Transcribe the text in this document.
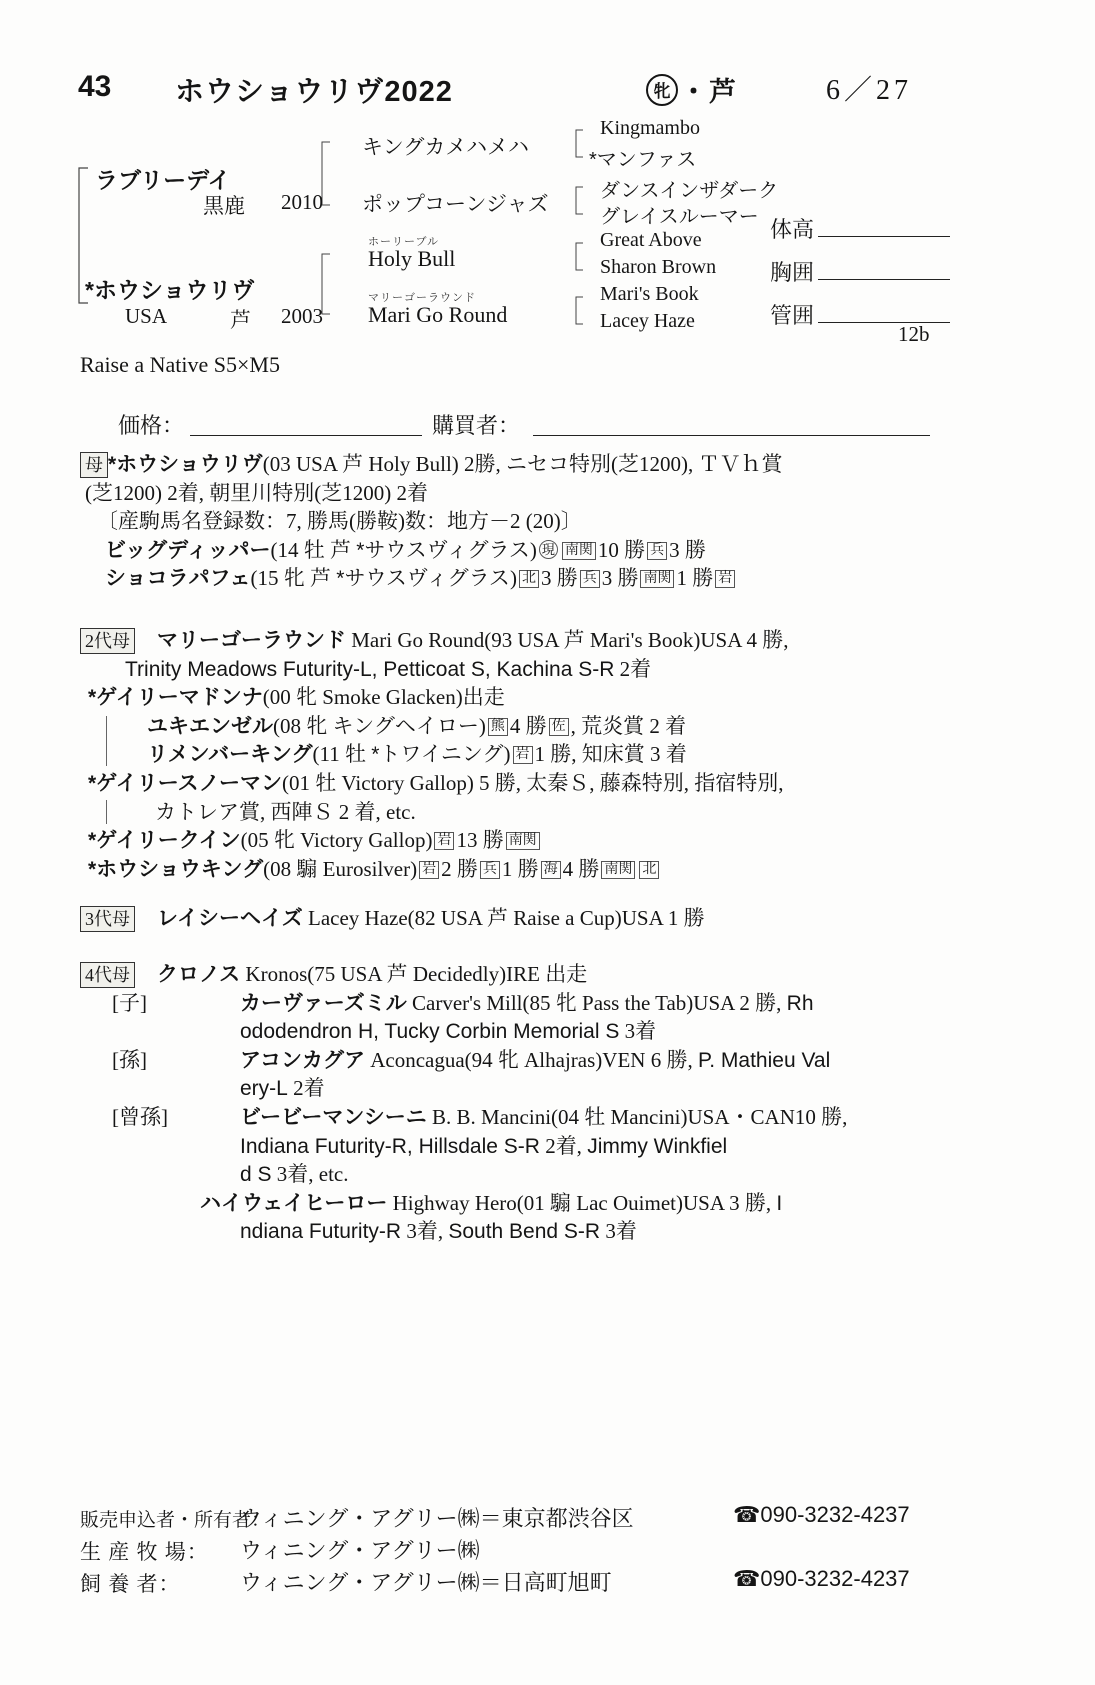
43 ホウショウリヴ2022	牝 ・ 芦	6／27
ラブリーデイ
黒鹿 2010
*ホウショウリヴ
USA	芦 2003
キングカメハメハ
ポップコーンジャズ
ホーリーブル
Holy Bull
マリーゴーラウンド
Mari Go Round
Kingmambo
*マンファス
ダンスインザダーク
グレイスルーマー
Great Above
Sharon Brown
Mari's Book
Lacey Haze
体高
胸囲
管囲
12b
Raise a Native S5×M5
価格：	購買者：
母 *ホウショウリヴ(03 USA 芦 Holy Bull) 2勝, ニセコ特別(芝1200), ＴＶｈ賞
(芝1200) 2着, 朝里川特別(芝1200) 2着
〔産駒馬名登録数：7, 勝馬(勝鞍)数：地方－2 (20)〕
ビッグディッパー(14 牡 芦 *サウスヴィグラス) 現 南関 10 勝 兵 3 勝
ショコラパフェ(15 牝 芦 *サウスヴィグラス) 北 3 勝 兵 3 勝 南関 1 勝 岩
2代母	マリーゴーラウンド Mari Go Round(93 USA 芦 Mari's Book)USA 4 勝,
Trinity Meadows Futurity-L, Petticoat S, Kachina S-R 2着
*ゲイリーマドンナ(00 牝 Smoke Glacken)出走
ユキエンゼル(08 牝 キングヘイロー) 熊 4 勝 佐 , 荒炎賞 2 着
リメンバーキング(11 牡 *トワイニング) 岩 1 勝, 知床賞 3 着
*ゲイリースノーマン(01 牡 Victory Gallop) 5 勝, 太秦Ｓ, 藤森特別, 指宿特別,
カトレア賞, 西陣Ｓ 2 着, etc.
*ゲイリークイン(05 牝 Victory Gallop) 岩 13 勝 南関
*ホウショウキング(08 騸 Eurosilver) 岩 2 勝 兵 1 勝 海 4 勝 南関 北
3代母	レイシーヘイズ Lacey Haze(82 USA 芦 Raise a Cup)USA 1 勝
4代母	クロノス Kronos(75 USA 芦 Decidedly)IRE 出走
[子]	カーヴァーズミル Carver's Mill(85 牝 Pass the Tab)USA 2 勝, Rh
ododendron H, Tucky Corbin Memorial S 3着
[孫]	アコンカグア Aconcagua(94 牝 Alhajras)VEN 6 勝, P. Mathieu Val
ery-L 2着
[曾孫]	ビービーマンシーニ B. B. Mancini(04 牡 Mancini)USA・CAN10 勝,
Indiana Futurity-R, Hillsdale S-R 2着, Jimmy Winkfiel
d S 3着, etc.
ハイウェイヒーロー Highway Hero(01 騸 Lac Ouimet)USA 3 勝, I
ndiana Futurity-R 3着, South Bend S-R 3着
販売申込者・所有者：
ウィニング・アグリー㈱＝東京都渋谷区	☎090-3232-4237
生 産 牧 場： ウィニング・アグリー㈱
飼 養 者：	ウィニング・アグリー㈱＝日高町旭町	☎090-3232-4237
